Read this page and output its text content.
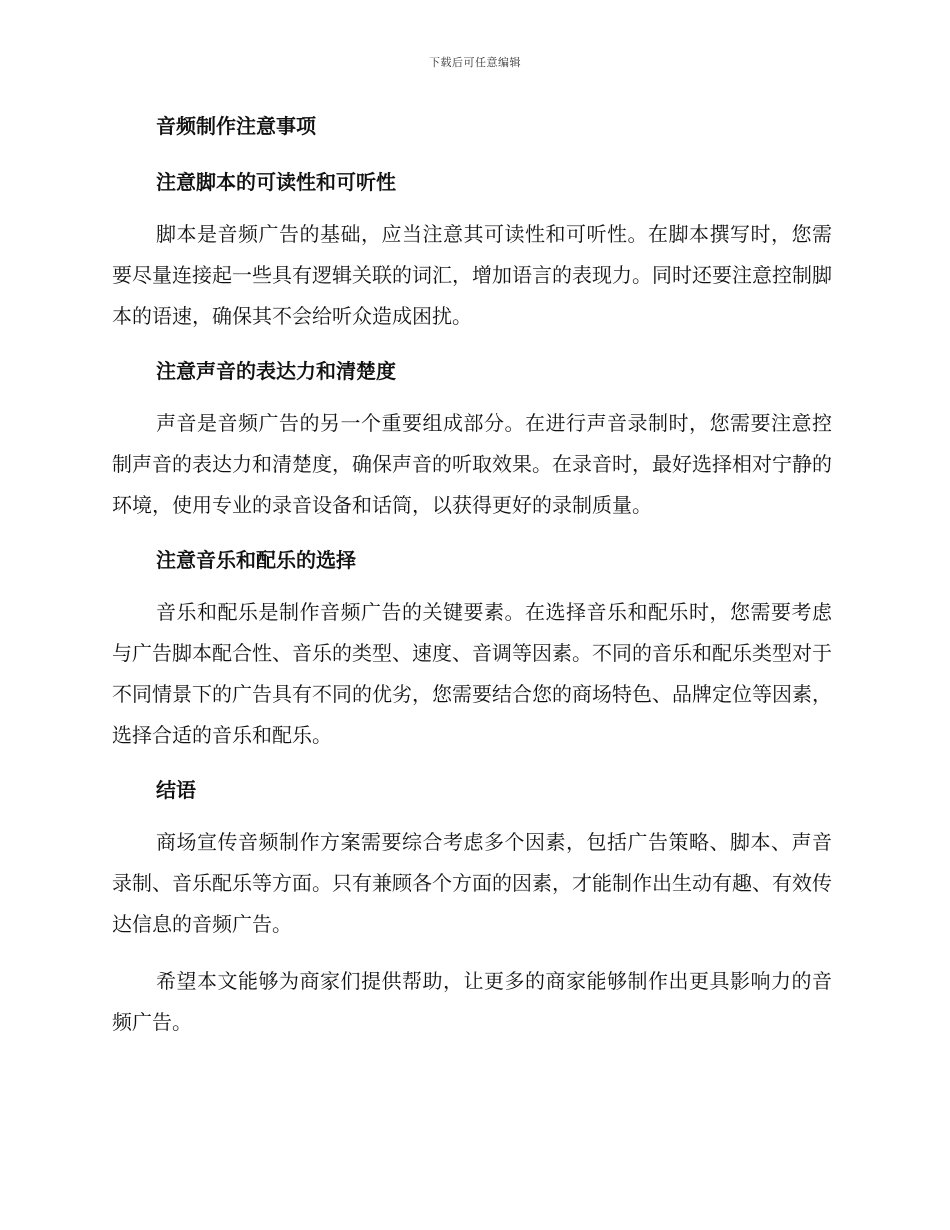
下载后可任意编辑

音频制作注意事项

注意脚本的可读性和可听性

脚本是音频广告的基础，应当注意其可读性和可听性。在脚本撰写时，您需要尽量连接起一些具有逻辑关联的词汇，增加语言的表现力。同时还要注意控制脚本的语速，确保其不会给听众造成困扰。

注意声音的表达力和清楚度

声音是音频广告的另一个重要组成部分。在进行声音录制时，您需要注意控制声音的表达力和清楚度，确保声音的听取效果。在录音时，最好选择相对宁静的环境，使用专业的录音设备和话筒，以获得更好的录制质量。

注意音乐和配乐的选择

音乐和配乐是制作音频广告的关键要素。在选择音乐和配乐时，您需要考虑与广告脚本配合性、音乐的类型、速度、音调等因素。不同的音乐和配乐类型对于不同情景下的广告具有不同的优劣，您需要结合您的商场特色、品牌定位等因素，选择合适的音乐和配乐。

结语

商场宣传音频制作方案需要综合考虑多个因素，包括广告策略、脚本、声音录制、音乐配乐等方面。只有兼顾各个方面的因素，才能制作出生动有趣、有效传达信息的音频广告。

希望本文能够为商家们提供帮助，让更多的商家能够制作出更具影响力的音频广告。
